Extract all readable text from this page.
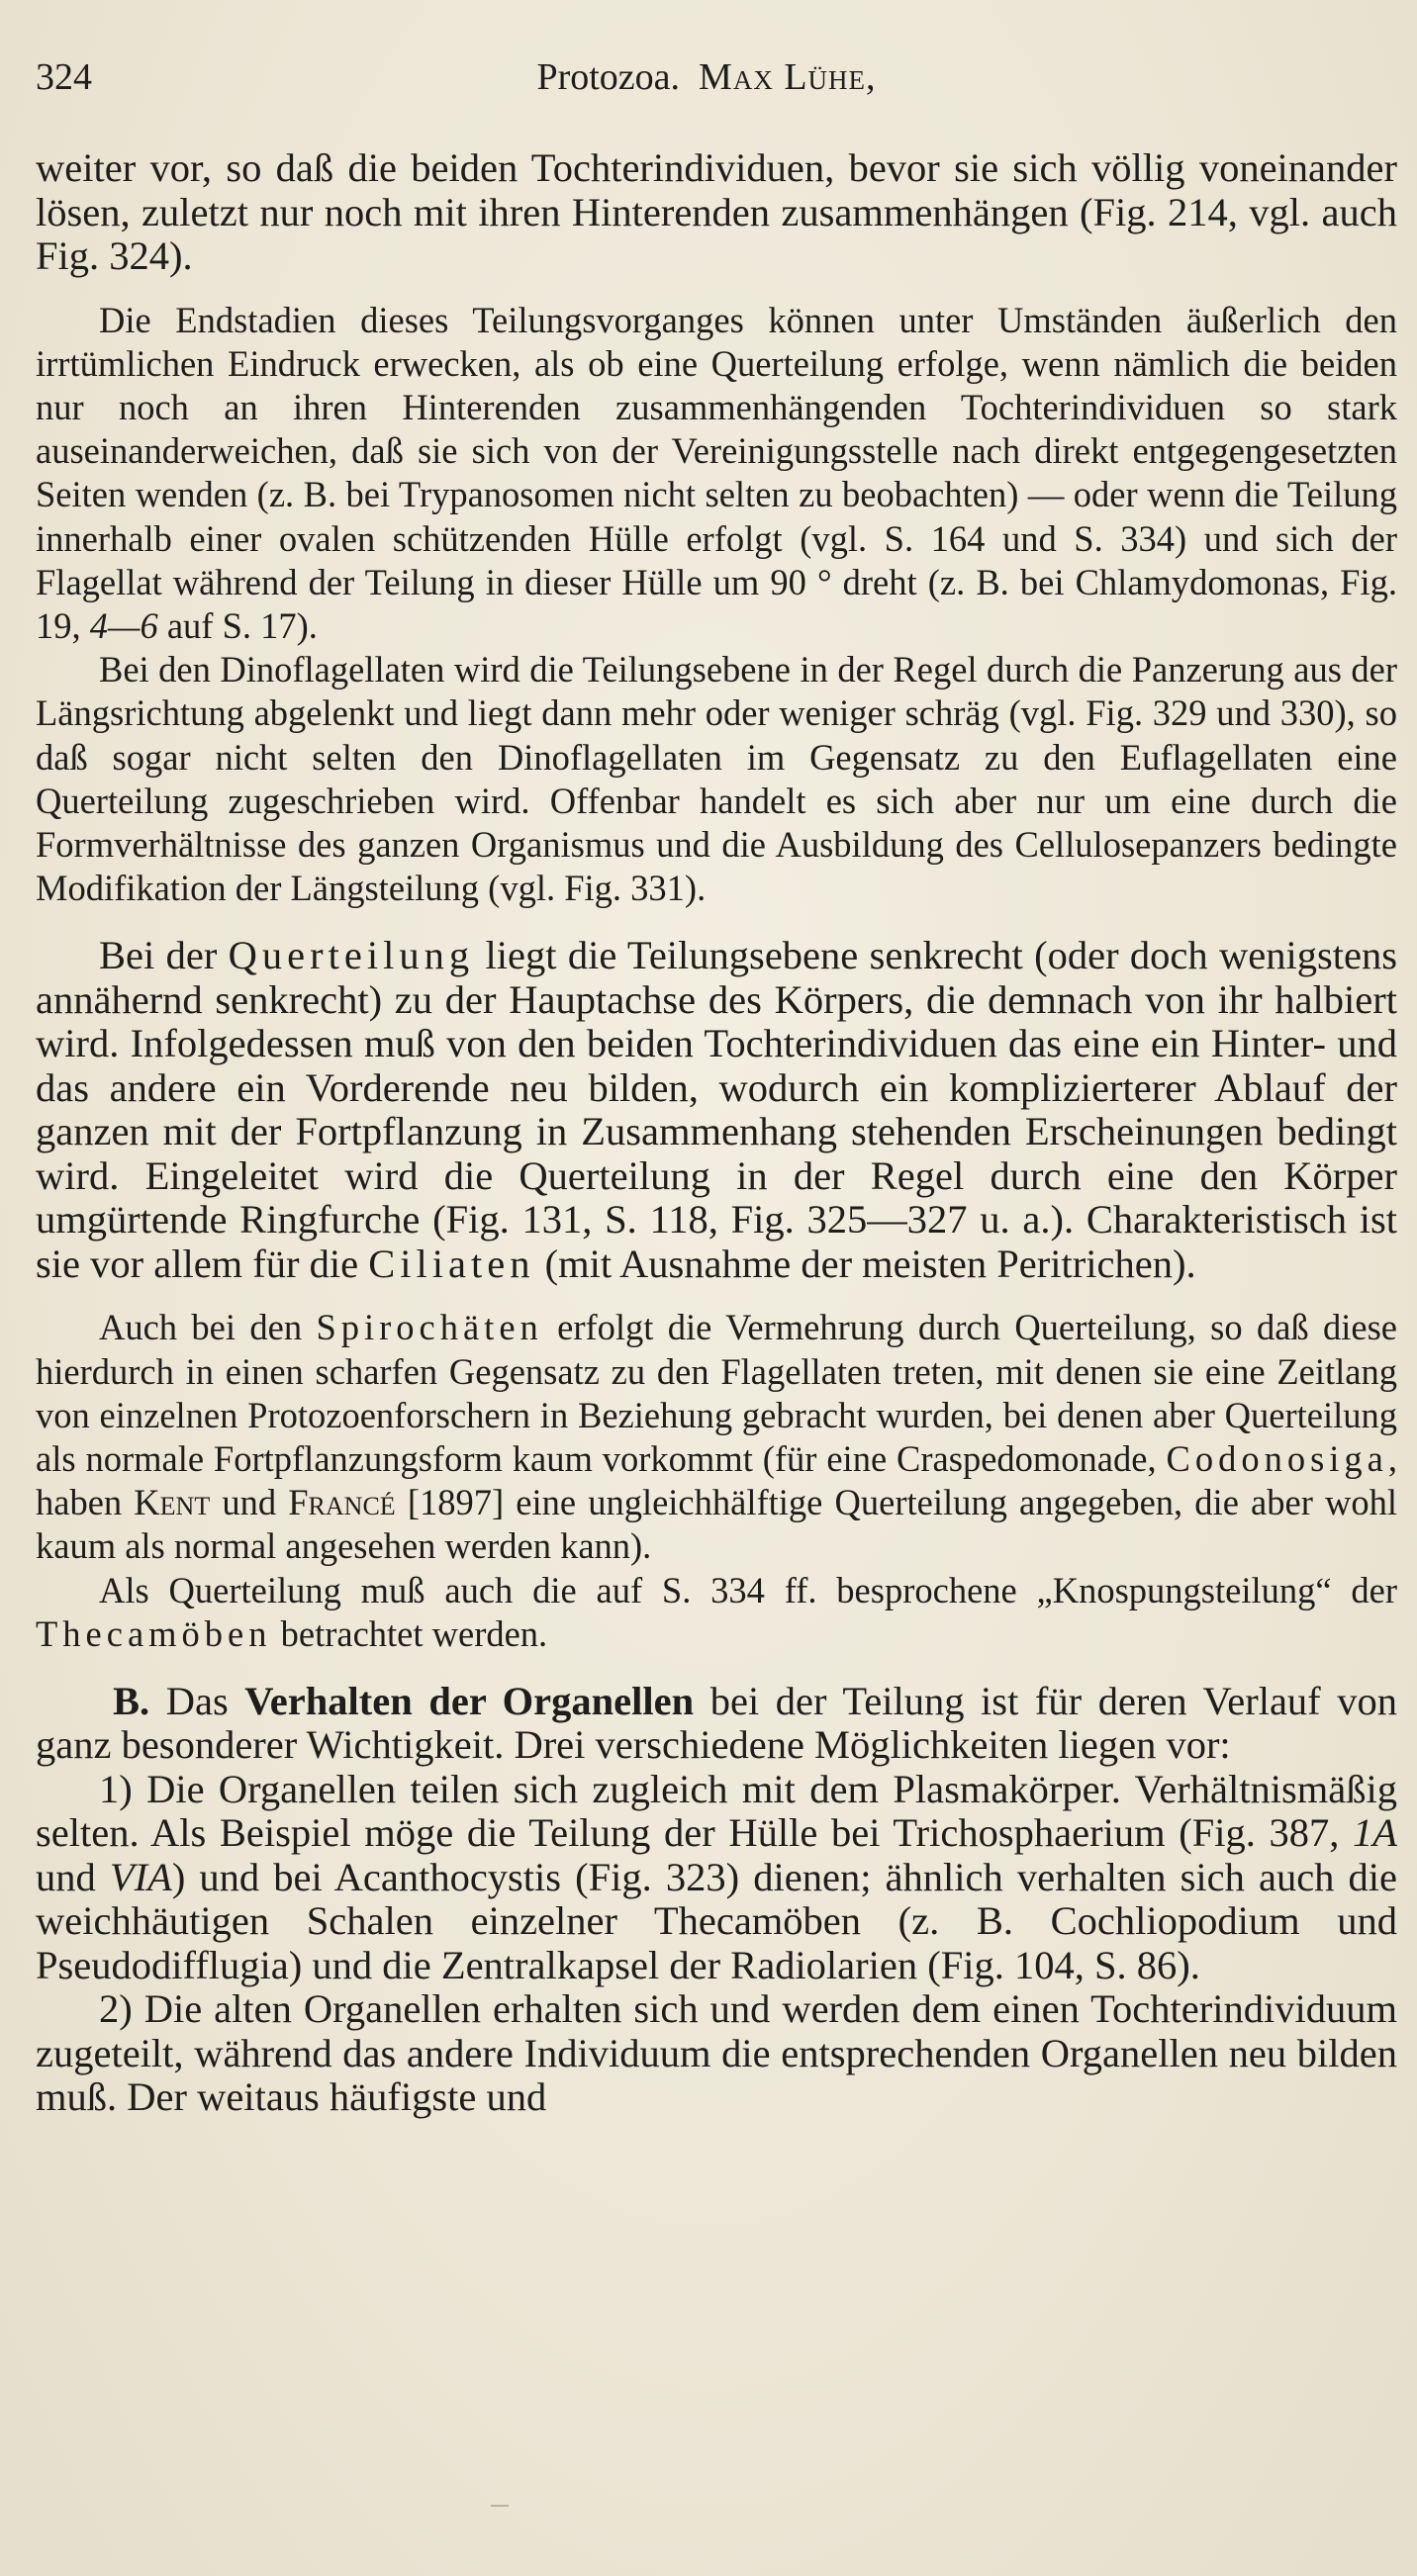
324	Protozoa. Max Lühe,

weiter vor, so daß die beiden Tochterindividuen, bevor sie sich völlig voneinander lösen, zuletzt nur noch mit ihren Hinterenden zusammenhängen (Fig. 214, vgl. auch Fig. 324).

Die Endstadien dieses Teilungsvorganges können unter Umständen äußerlich den irrtümlichen Eindruck erwecken, als ob eine Querteilung erfolge, wenn nämlich die beiden nur noch an ihren Hinterenden zusammenhängenden Tochterindividuen so stark auseinanderweichen, daß sie sich von der Vereinigungsstelle nach direkt entgegengesetzten Seiten wenden (z. B. bei Trypanosomen nicht selten zu beobachten) — oder wenn die Teilung innerhalb einer ovalen schützenden Hülle erfolgt (vgl. S. 164 und S. 334) und sich der Flagellat während der Teilung in dieser Hülle um 90 ° dreht (z. B. bei Chlamydomonas, Fig. 19, 4—6 auf S. 17).

Bei den Dinoflagellaten wird die Teilungsebene in der Regel durch die Panzerung aus der Längsrichtung abgelenkt und liegt dann mehr oder weniger schräg (vgl. Fig. 329 und 330), so daß sogar nicht selten den Dinoflagellaten im Gegensatz zu den Euflagellaten eine Querteilung zugeschrieben wird. Offenbar handelt es sich aber nur um eine durch die Formverhältnisse des ganzen Organismus und die Ausbildung des Cellulosepanzers bedingte Modifikation der Längsteilung (vgl. Fig. 331).

Bei der Querteilung liegt die Teilungsebene senkrecht (oder doch wenigstens annähernd senkrecht) zu der Hauptachse des Körpers, die demnach von ihr halbiert wird. Infolgedessen muß von den beiden Tochterindividuen das eine ein Hinter- und das andere ein Vorderende neu bilden, wodurch ein komplizierterer Ablauf der ganzen mit der Fortpflanzung in Zusammenhang stehenden Erscheinungen bedingt wird. Eingeleitet wird die Querteilung in der Regel durch eine den Körper umgürtende Ringfurche (Fig. 131, S. 118, Fig. 325—327 u. a.). Charakteristisch ist sie vor allem für die Ciliaten (mit Ausnahme der meisten Peritrichen).

Auch bei den Spirochäten erfolgt die Vermehrung durch Querteilung, so daß diese hierdurch in einen scharfen Gegensatz zu den Flagellaten treten, mit denen sie eine Zeitlang von einzelnen Protozoenforschern in Beziehung gebracht wurden, bei denen aber Querteilung als normale Fortpflanzungsform kaum vorkommt (für eine Craspedomonade, Codonosiga, haben Kent und Francé [1897] eine ungleichhälftige Querteilung angegeben, die aber wohl kaum als normal angesehen werden kann).

Als Querteilung muß auch die auf S. 334 ff. besprochene „Knospungsteilung“ der Thecamöben betrachtet werden.

B. Das Verhalten der Organellen bei der Teilung ist für deren Verlauf von ganz besonderer Wichtigkeit. Drei verschiedene Möglichkeiten liegen vor:

1) Die Organellen teilen sich zugleich mit dem Plasmakörper. Verhältnismäßig selten. Als Beispiel möge die Teilung der Hülle bei Trichosphaerium (Fig. 387, 1A und VIA) und bei Acanthocystis (Fig. 323) dienen; ähnlich verhalten sich auch die weichhäutigen Schalen einzelner Thecamöben (z. B. Cochliopodium und Pseudodifflugia) und die Zentralkapsel der Radiolarien (Fig. 104, S. 86).

2) Die alten Organellen erhalten sich und werden dem einen Tochterindividuum zugeteilt, während das andere Individuum die entsprechenden Organellen neu bilden muß. Der weitaus häufigste und
